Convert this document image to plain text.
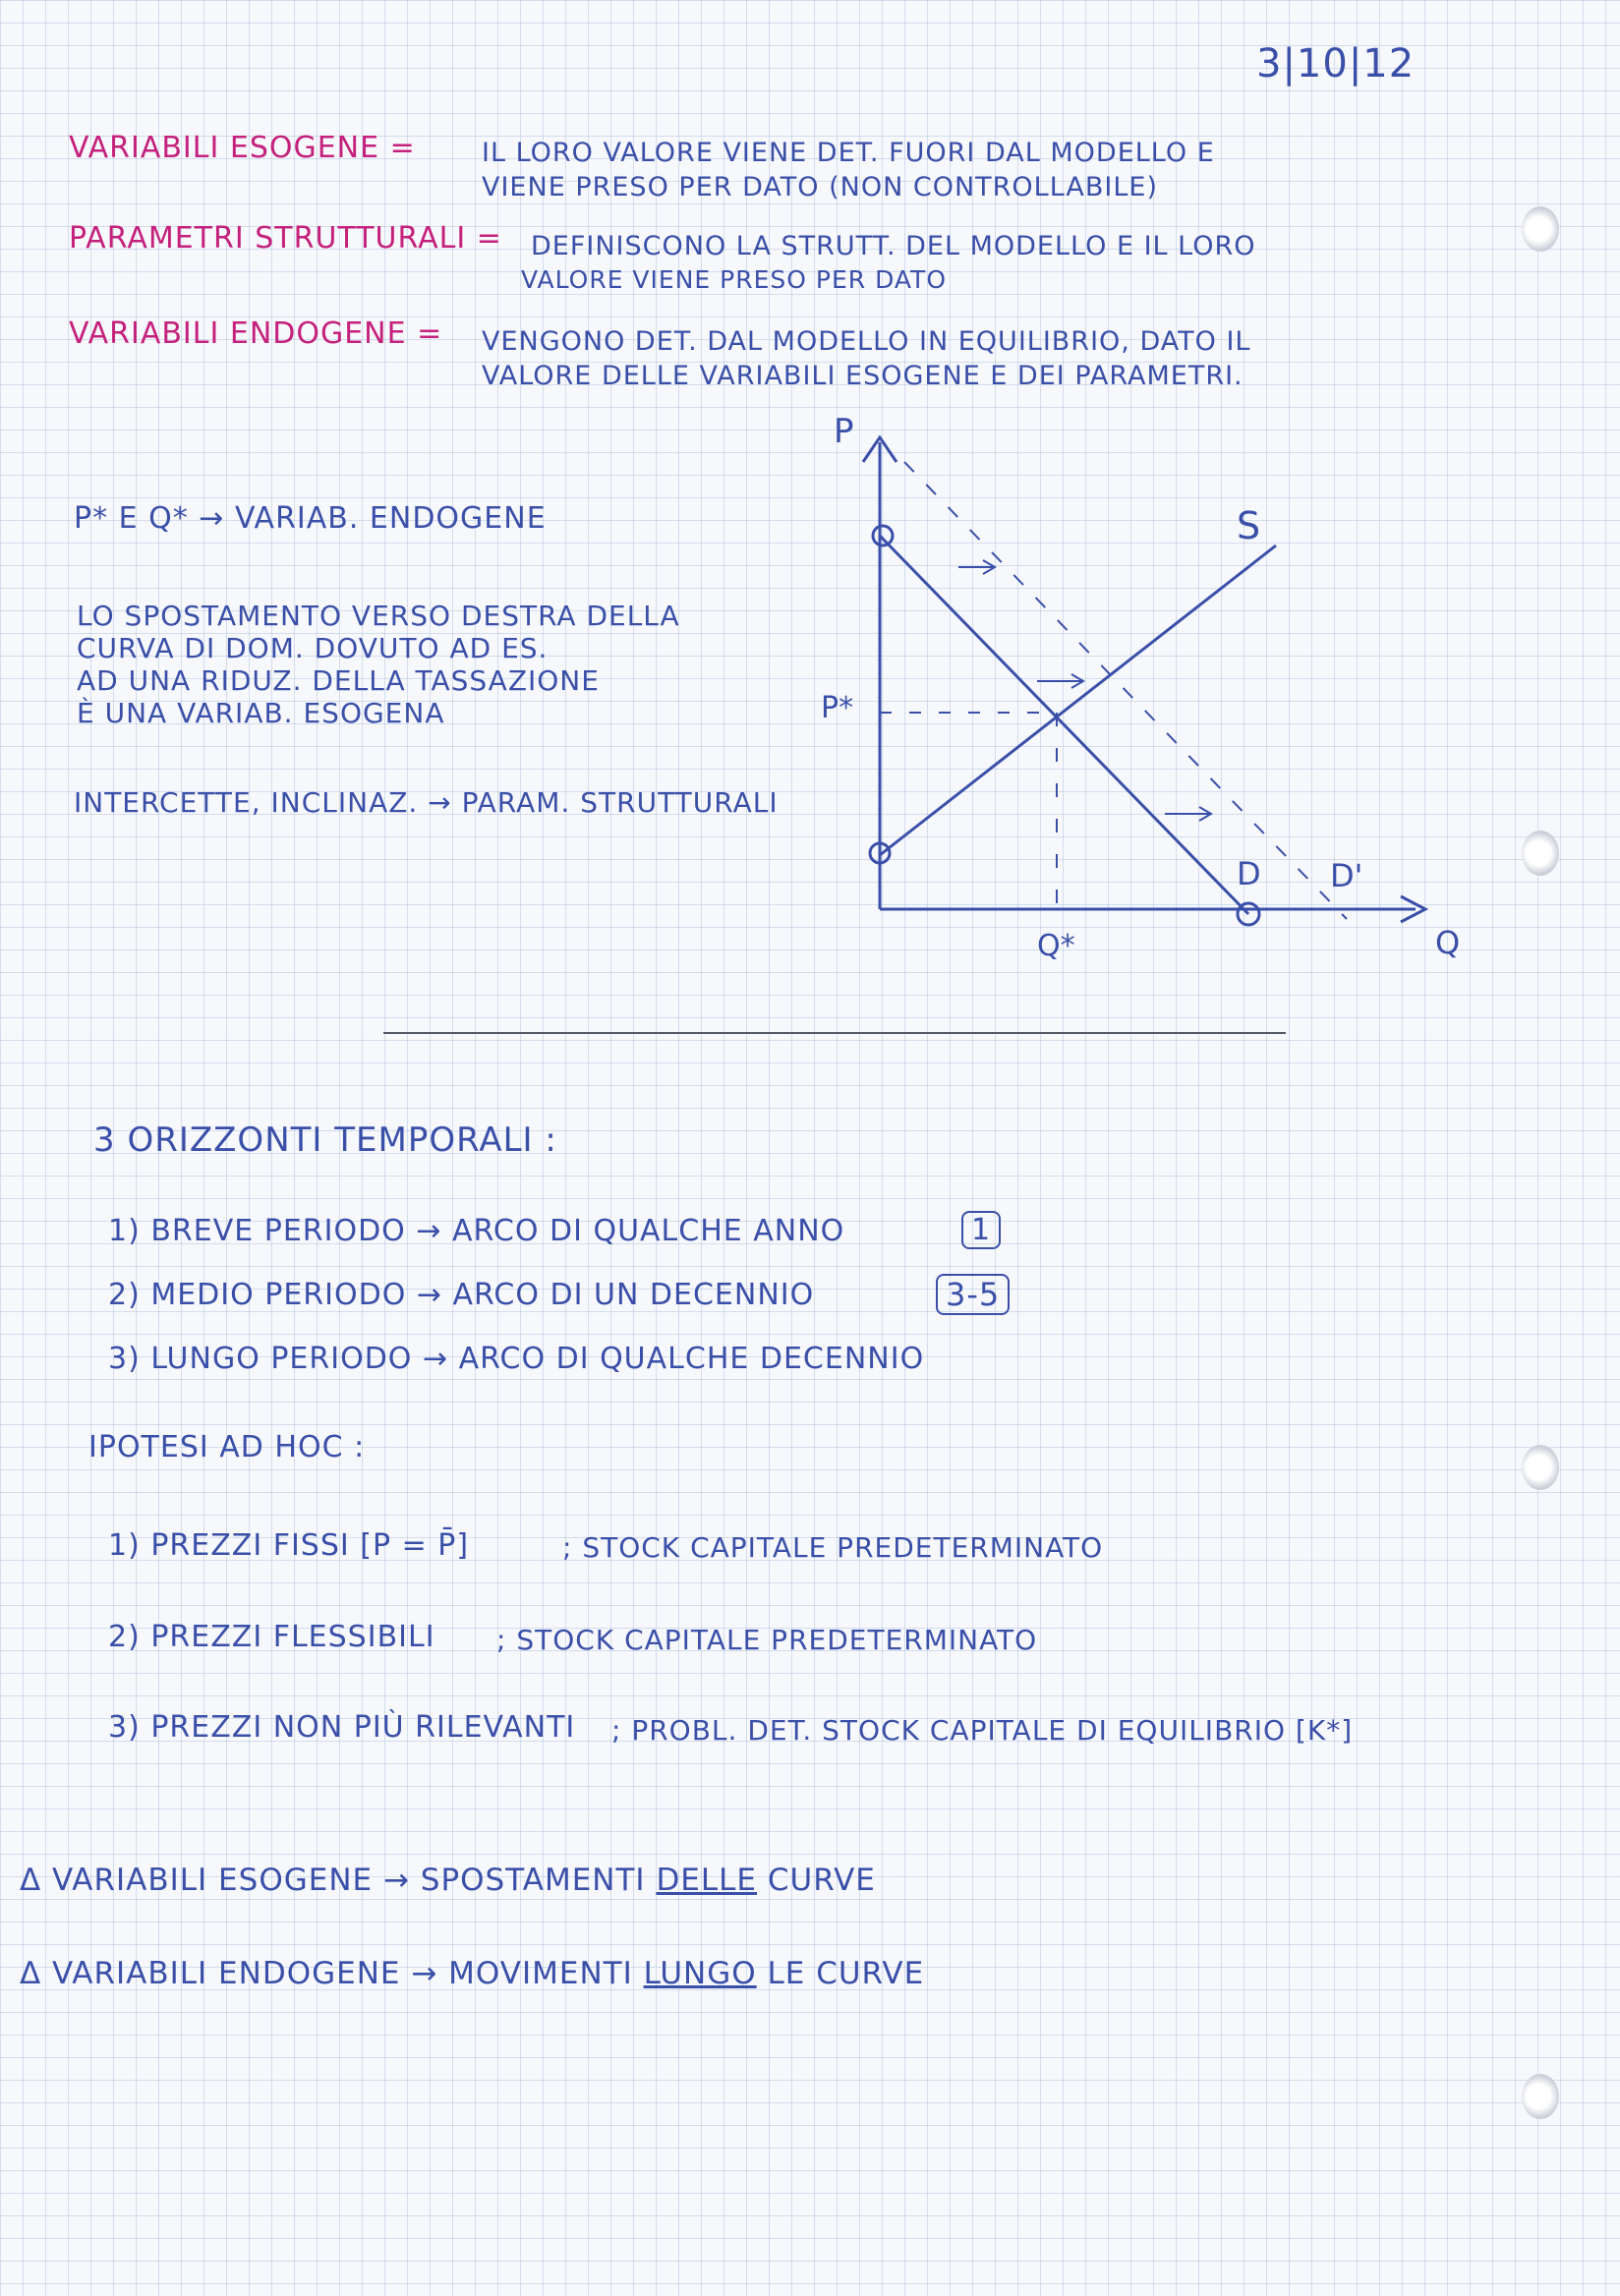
3|10|12
VARIABILI ESOGENE = IL LORO VALORE VIENE DET. FUORI DAL MODELLO E
VIENE PRESO PER DATO (NON CONTROLLABILE)
PARAMETRI STRUTTURALI = DEFINISCONO LA STRUTT. DEL MODELLO E IL LORO
VALORE VIENE PRESO PER DATO
VARIABILI ENDOGENE = VENGONO DET. DAL MODELLO IN EQUILIBRIO, DATO IL
VALORE DELLE VARIABILI ESOGENE E DEI PARAMETRI.
P* E Q* → VARIAB. ENDOGENE
LO SPOSTAMENTO VERSO DESTRA DELLA
CURVA DI DOM. DOVUTO AD ES.
AD UNA RIDUZ. DELLA TASSAZIONE
È UNA VARIAB. ESOGENA
INTERCETTE, INCLINAZ. → PARAM. STRUTTURALI
P
Q
S
D D'
P*
Q*
3 ORIZZONTI TEMPORALI :
1) BREVE PERIODO → ARCO DI QUALCHE ANNO	1
2) MEDIO PERIODO → ARCO DI UN DECENNIO	3-5
3) LUNGO PERIODO → ARCO DI QUALCHE DECENNIO
IPOTESI AD HOC :
1) PREZZI FISSI [P = P̄]	; STOCK CAPITALE PREDETERMINATO
2) PREZZI FLESSIBILI ; STOCK CAPITALE PREDETERMINATO
3) PREZZI NON PIÙ RILEVANTI ; PROBL. DET. STOCK CAPITALE DI EQUILIBRIO [K*]
Δ VARIABILI ESOGENE → SPOSTAMENTI DELLE CURVE
Δ VARIABILI ENDOGENE → MOVIMENTI LUNGO LE CURVE
